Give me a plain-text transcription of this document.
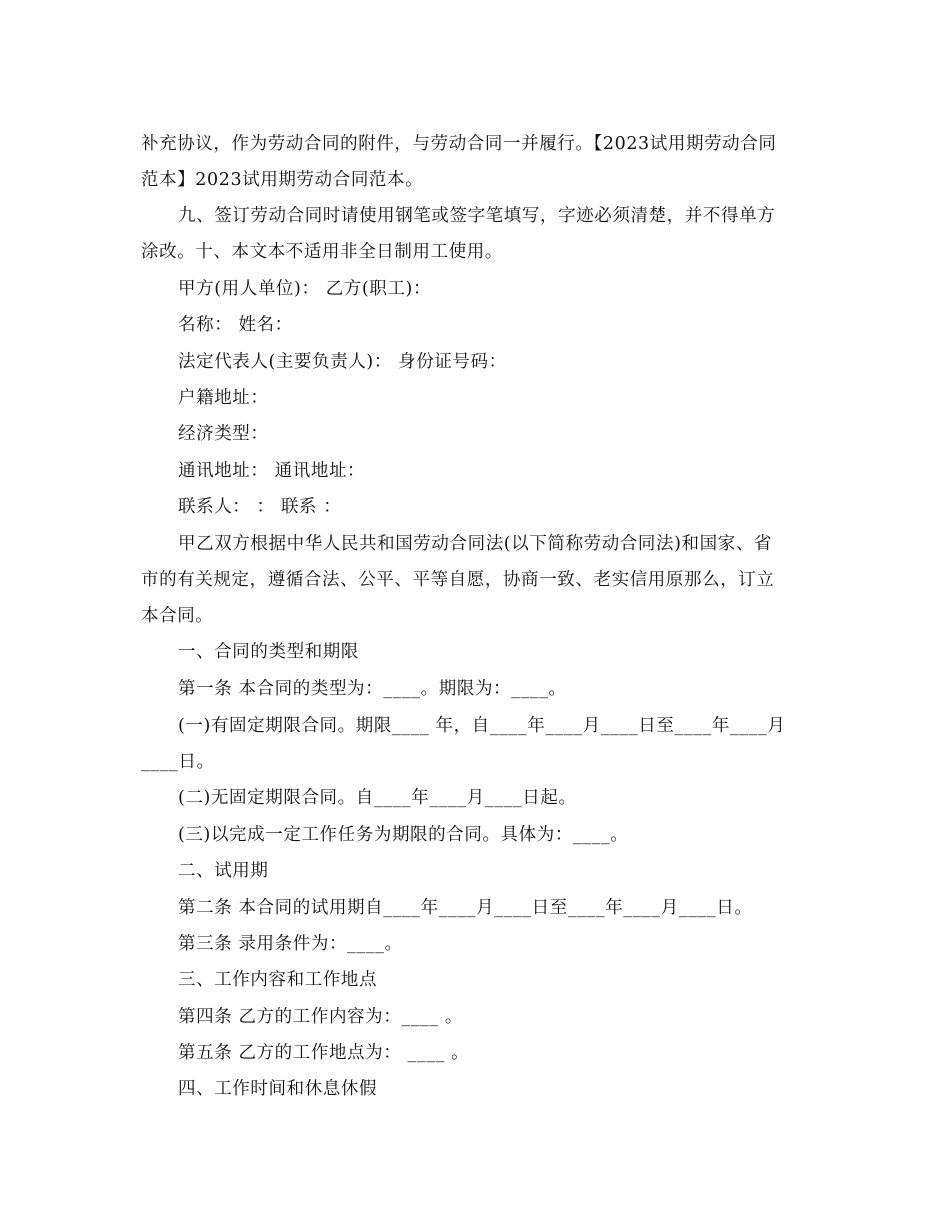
补充协议，作为劳动合同的附件，与劳动合同一并履行。【2023试用期劳动合同
范本】2023试用期劳动合同范本。
九、签订劳动合同时请使用钢笔或签字笔填写，字迹必须清楚，并不得单方
涂改。十、本文本不适用非全日制用工使用。
甲方(用人单位)： 乙方(职工)：
名称： 姓名：
法定代表人(主要负责人)： 身份证号码：
户籍地址：
经济类型：
通讯地址： 通讯地址：
联系人： ： 联系 ：
甲乙双方根据中华人民共和国劳动合同法(以下简称劳动合同法)和国家、省
市的有关规定，遵循合法、公平、平等自愿，协商一致、老实信用原那么，订立
本合同。
一、合同的类型和期限
第一条 本合同的类型为：____。期限为：____。
(一)有固定期限合同。期限____ 年，自____年____月____日至____年____月
____日。
(二)无固定期限合同。自____年____月____日起。
(三)以完成一定工作任务为期限的合同。具体为：____。
二、试用期
第二条 本合同的试用期自____年____月____日至____年____月____日。
第三条 录用条件为：____。
三、工作内容和工作地点
第四条 乙方的工作内容为：____ 。
第五条 乙方的工作地点为： ____ 。
四、工作时间和休息休假
